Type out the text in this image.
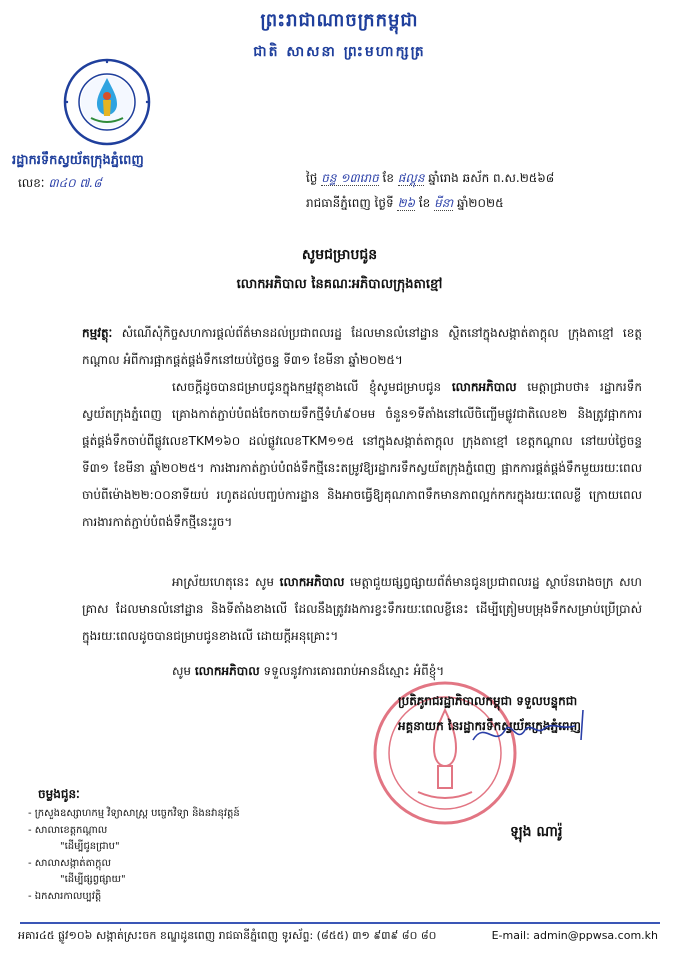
ព្រះរាជាណាចក្រកម្ពុជា
ជាតិ សាសនា ព្រះមហាក្សត្រ
រដ្ឋាករទឹកស្វយ័តក្រុងភ្នំពេញ
លេខៈ ៣៤០ ៧.៨	ថ្ងៃ ចន្ទ ១៣រោច ខែ ផល្គុន ឆ្នាំរោង ឆស័ក ព.ស.២៥៦៨
រាជធានីភ្នំពេញ ថ្ងៃទី ២៦ ខែ មីនា ឆ្នាំ២០២៥
សូមជម្រាបជូន
លោកអភិបាល នៃគណៈអភិបាលក្រុងតាខ្មៅ
កម្មវត្ថុៈ សំណើសុំកិច្ចសហការផ្តល់ព័ត៌មានដល់ប្រជាពលរដ្ឋ ដែលមានលំនៅដ្ឋាន ស្ថិតនៅក្នុងសង្កាត់តាក្តុល ក្រុងតាខ្មៅ ខេត្តកណ្តាល អំពីការផ្អាកផ្គត់ផ្គង់ទឹកនៅយប់ថ្ងៃចន្ទ ទី៣១ ខែមីនា ឆ្នាំ២០២៥។
សេចក្តីដូចបានជម្រាបជូនក្នុងកម្មវត្ថុខាងលើ ខ្ញុំសូមជម្រាបជូន លោកអភិបាល មេត្តាជ្រាបថា៖ រដ្ឋាករទឹកស្វយ័តក្រុងភ្នំពេញ គ្រោងកាត់ភ្ជាប់បំពង់ចែកចាយទឹកថ្មីទំហំ៩០មម ចំនួន១ទីតាំងនៅលើចិញ្ចើមផ្លូវជាតិលេខ២ និងត្រូវផ្អាកការផ្គត់ផ្គង់ទឹកចាប់ពីផ្លូវលេខTKM១៦០ ដល់ផ្លូវលេខTKM១១៥ នៅក្នុងសង្កាត់តាក្តុល ក្រុងតាខ្មៅ ខេត្តកណ្តាល នៅយប់ថ្ងៃចន្ទ ទី៣១ ខែមីនា ឆ្នាំ២០២៥។ ការងារកាត់ភ្ជាប់បំពង់ទឹកថ្មីនេះតម្រូវឱ្យរដ្ឋាករទឹកស្វយ័តក្រុងភ្នំពេញ ផ្អាកការផ្គត់ផ្គង់ទឹកមួយរយៈពេលចាប់ពីម៉ោង២២:០០នាទីយប់ រហូតដល់បញ្ចប់ការដ្ឋាន និងអាចធ្វើឱ្យគុណភាពទឹកមានភាពល្អក់កករក្នុងរយៈពេលខ្លី ក្រោយពេលការងារកាត់ភ្ជាប់បំពង់ទឹកថ្មីនេះរួច។
អាស្រ័យហេតុនេះ សូម លោកអភិបាល មេត្តាជួយផ្សព្វផ្សាយព័ត៌មានជូនប្រជាពលរដ្ឋ ស្ថាប័នរោងចក្រ សហគ្រាស ដែលមានលំនៅដ្ឋាន និងទីតាំងខាងលើ ដែលនឹងត្រូវរងការខ្វះទឹករយៈពេលខ្លីនេះ ដើម្បីត្រៀមបម្រុងទឹកសម្រាប់ប្រើប្រាស់ក្នុងរយៈពេលដូចបានជម្រាបជូនខាងលើ ដោយក្តីអនុគ្រោះ។
សូម លោកអភិបាល ទទួលនូវការគោរពរាប់អានដ៏ស្មោះ អំពីខ្ញុំ។
ប្រតិភូរាជរដ្ឋាភិបាលកម្ពុជា ទទួលបន្ទុកជា
អគ្គនាយក នៃរដ្ឋាករទឹកស្វយ័តក្រុងភ្នំពេញ
ឡុង ណារ៉ូ
ចម្លងជូនៈ
- ក្រសួងឧស្សាហកម្ម វិទ្យាសាស្ត្រ បច្ចេកវិទ្យា និងនវានុវត្តន៍
- សាលាខេត្តកណ្តាល
"ដើម្បីជូនជ្រាប"
- សាលាសង្កាត់តាក្តុល
"ដើម្បីផ្សព្វផ្សាយ"
- ឯកសារកាលប្បវត្តិ
អគារ៤៥ ផ្លូវ១០៦ សង្កាត់ស្រះចក ខណ្ឌដូនពេញ រាជធានីភ្នំពេញ ទូរស័ព្ទ: (៨៥៥) ៣១ ៩៣៩ ៨០ ៨០	E-mail: admin@ppwsa.com.kh
